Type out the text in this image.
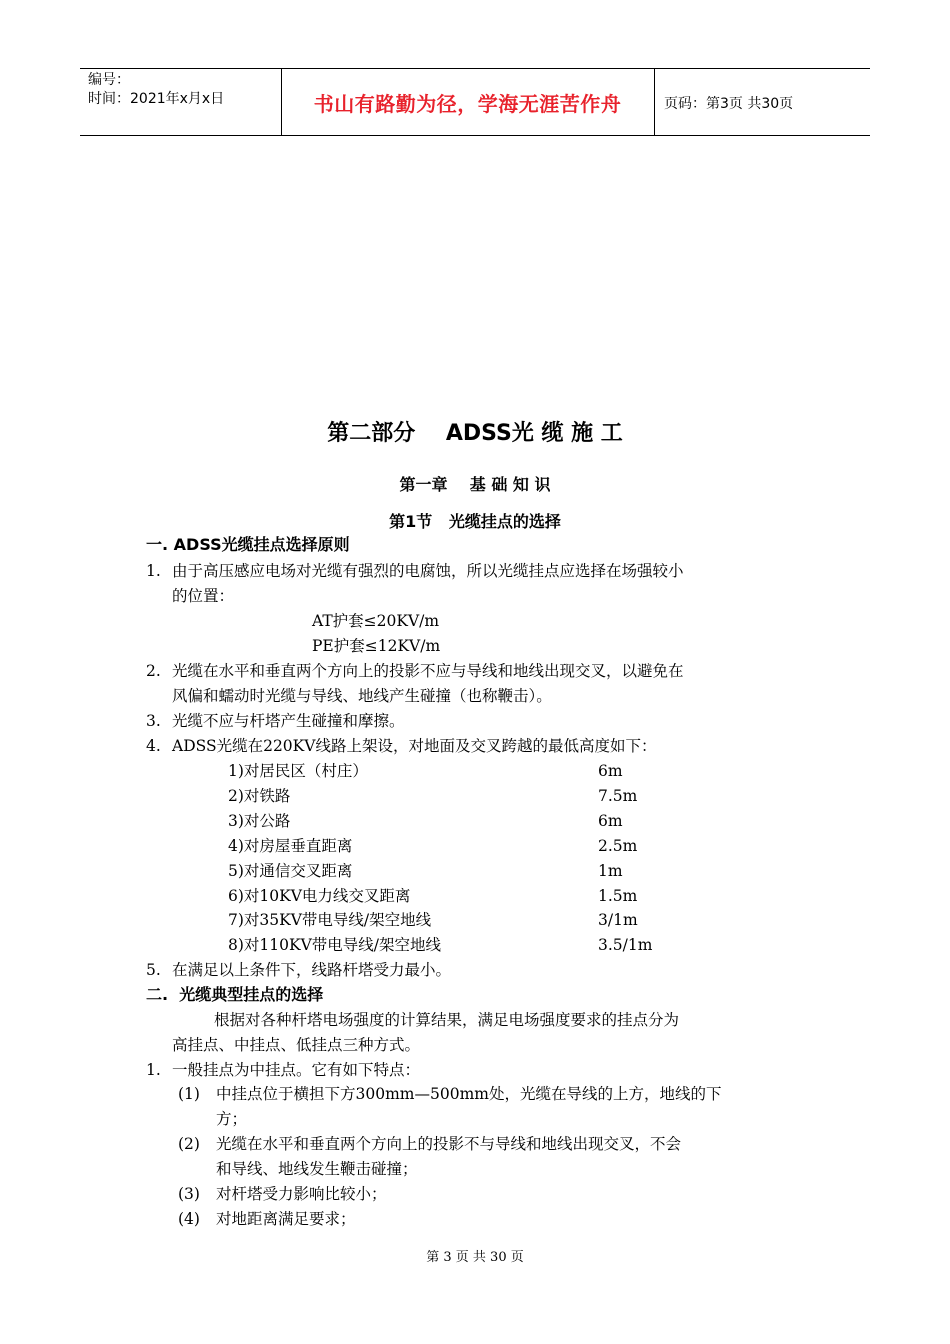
编号：
时间：2021年x月x日	书山有路勤为径，学海无涯苦作舟	页码：第3页 共30页
第二部分    ADSS光 缆 施 工
第一章    基 础 知 识
第1节   光缆挂点的选择
一. ADSS光缆挂点选择原则
1. 由于高压感应电场对光缆有强烈的电腐蚀，所以光缆挂点应选择在场强较小
的位置：
AT护套≤20KV/m
PE护套≤12KV/m
2. 光缆在水平和垂直两个方向上的投影不应与导线和地线出现交叉，以避免在
风偏和蠕动时光缆与导线、地线产生碰撞（也称鞭击）。
3. 光缆不应与杆塔产生碰撞和摩擦。
4. ADSS光缆在220KV线路上架设，对地面及交叉跨越的最低高度如下：
1)对居民区（村庄）	6m
2)对铁路	7.5m
3)对公路	6m
4)对房屋垂直距离	2.5m
5)对通信交叉距离	1m
6)对10KV电力线交叉距离	1.5m
7)对35KV带电导线/架空地线	3/1m
8)对110KV带电导线/架空地线	3.5/1m
5. 在满足以上条件下，线路杆塔受力最小。
二.  光缆典型挂点的选择
根据对各种杆塔电场强度的计算结果，满足电场强度要求的挂点分为
高挂点、中挂点、低挂点三种方式。
1. 一般挂点为中挂点。它有如下特点：
(1) 中挂点位于横担下方300mm—500mm处，光缆在导线的上方，地线的下
方；
(2) 光缆在水平和垂直两个方向上的投影不与导线和地线出现交叉，不会
和导线、地线发生鞭击碰撞；
(3) 对杆塔受力影响比较小；
(4) 对地距离满足要求；
第 3 页 共 30 页
